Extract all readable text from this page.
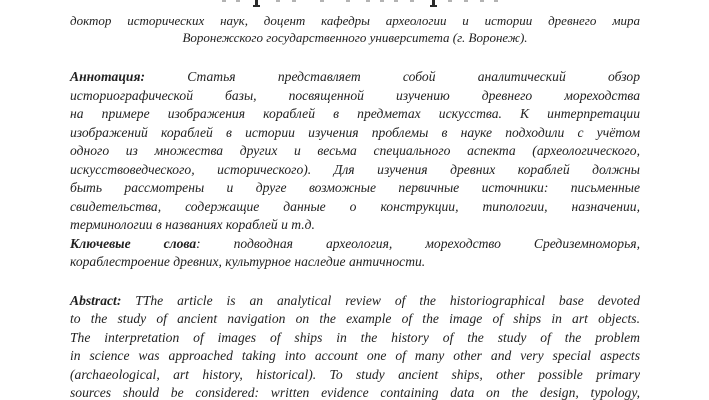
доктор исторических наук, доцент кафедры археологии и истории древнего мира
Воронежского государственного университета (г. Воронеж).
Аннотация: Статья представляет собой аналитический обзор
историографической базы, посвященной изучению древнего мореходства
на примере изображения кораблей в предметах искусства. К интерпретации
изображений кораблей в истории изучения проблемы в науке подходили с учётом
одного из множества других и весьма специального аспекта (археологического,
искусствоведческого, исторического). Для изучения древних кораблей должны
быть рассмотрены и друге возможные первичные источники: письменные
свидетельства, содержащие данные о конструкции, типологии, назначении,
терминологии в названиях кораблей и т.д.
Ключевые слова: подводная археология, мореходство Средиземноморья,
кораблестроение древних, культурное наследие античности.
Abstract: TThe article is an analytical review of the historiographical base devoted
to the study of ancient navigation on the example of the image of ships in art objects.
The interpretation of images of ships in the history of the study of the problem
in science was approached taking into account one of many other and very special aspects
(archaeological, art history, historical). To study ancient ships, other possible primary
sources should be considered: written evidence containing data on the design, typology,
